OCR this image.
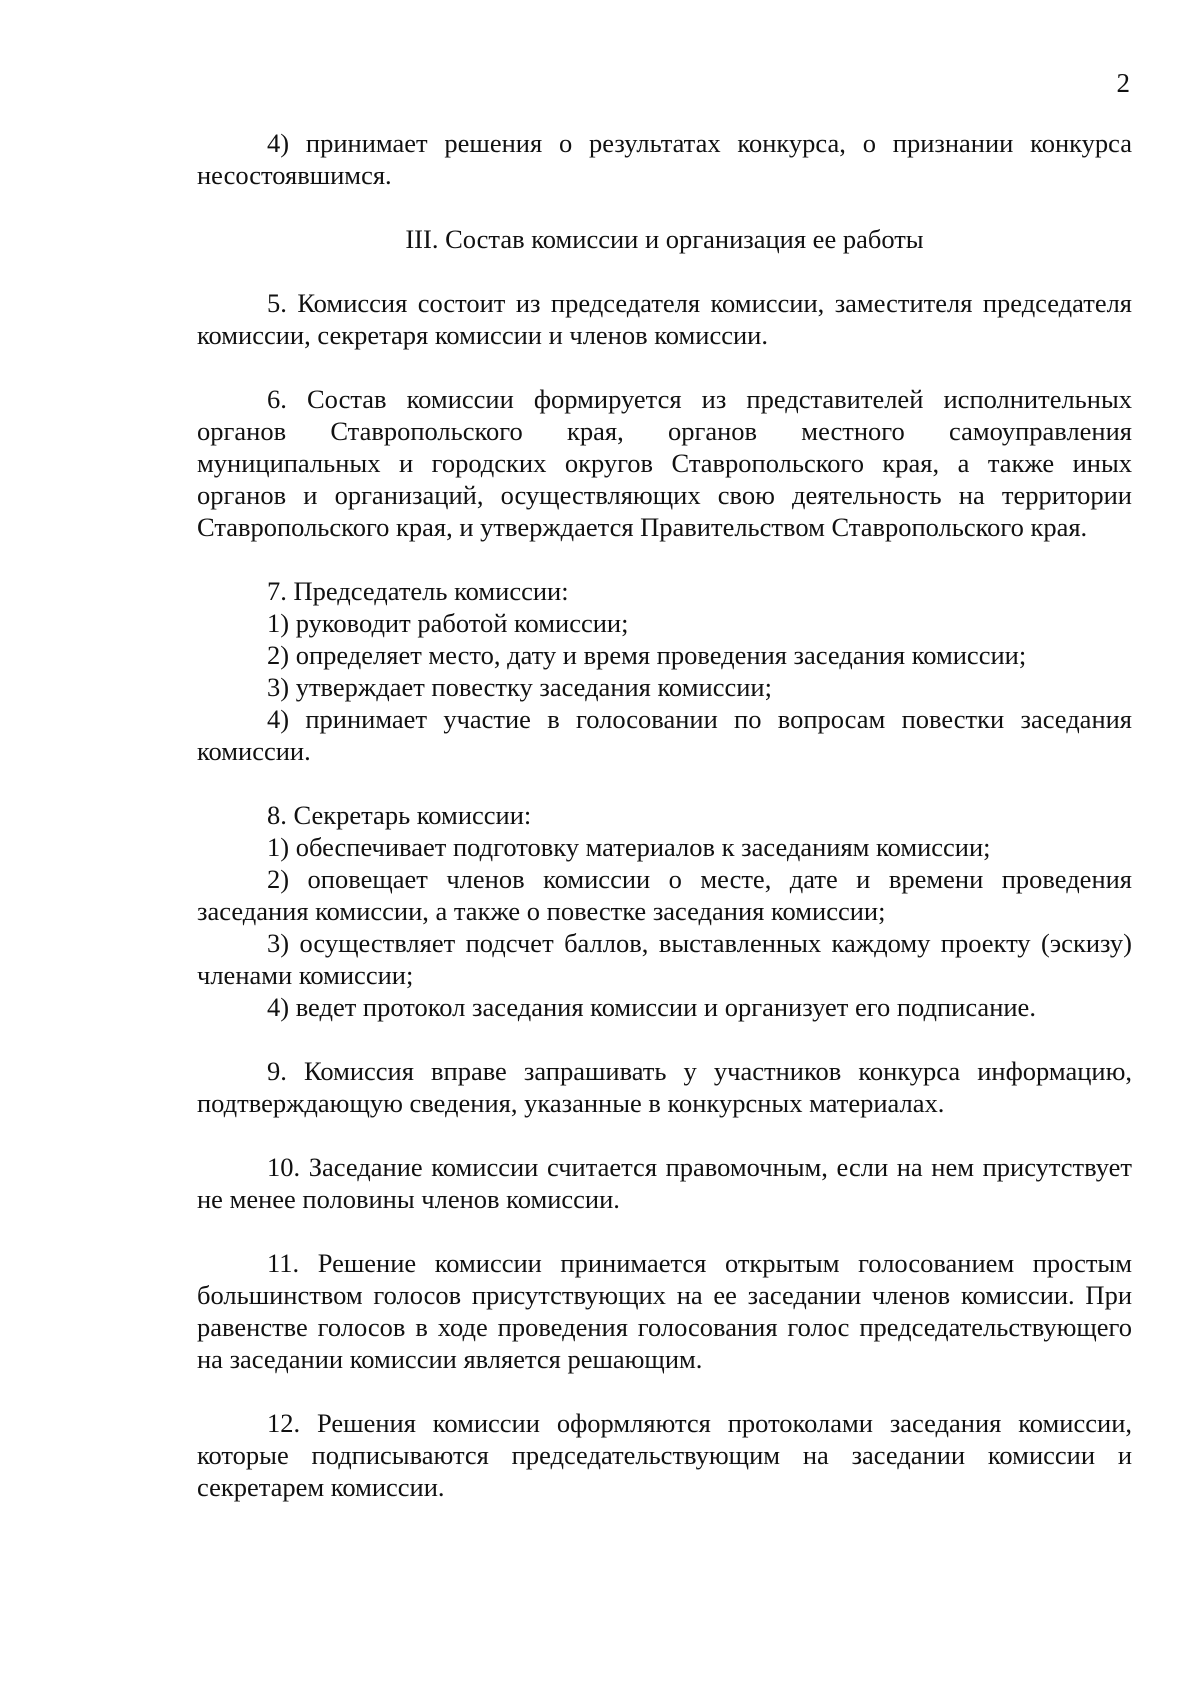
2

4) принимает решения о результатах конкурса, о признании конкурса несостоявшимся.

III. Состав комиссии и организация ее работы

5. Комиссия состоит из председателя комиссии, заместителя председателя комиссии, секретаря комиссии и членов комиссии.

6. Состав комиссии формируется из представителей исполнительных органов Ставропольского края, органов местного самоуправления муниципальных и городских округов Ставропольского края, а также иных органов и организаций, осуществляющих свою деятельность на территории Ставропольского края, и утверждается Правительством Ставропольского края.

7. Председатель комиссии:

1) руководит работой комиссии;

2) определяет место, дату и время проведения заседания комиссии;

3) утверждает повестку заседания комиссии;

4) принимает участие в голосовании по вопросам повестки заседания комиссии.

8. Секретарь комиссии:

1) обеспечивает подготовку материалов к заседаниям комиссии;

2) оповещает членов комиссии о месте, дате и времени проведения заседания комиссии, а также о повестке заседания комиссии;

3) осуществляет подсчет баллов, выставленных каждому проекту (эскизу) членами комиссии;

4) ведет протокол заседания комиссии и организует его подписание.

9. Комиссия вправе запрашивать у участников конкурса информацию, подтверждающую сведения, указанные в конкурсных материалах.

10. Заседание комиссии считается правомочным, если на нем присутствует не менее половины членов комиссии.

11. Решение комиссии принимается открытым голосованием простым большинством голосов присутствующих на ее заседании членов комиссии. При равенстве голосов в ходе проведения голосования голос председательствующего на заседании комиссии является решающим.

12. Решения комиссии оформляются протоколами заседания комиссии, которые подписываются председательствующим на заседании комиссии и секретарем комиссии.
